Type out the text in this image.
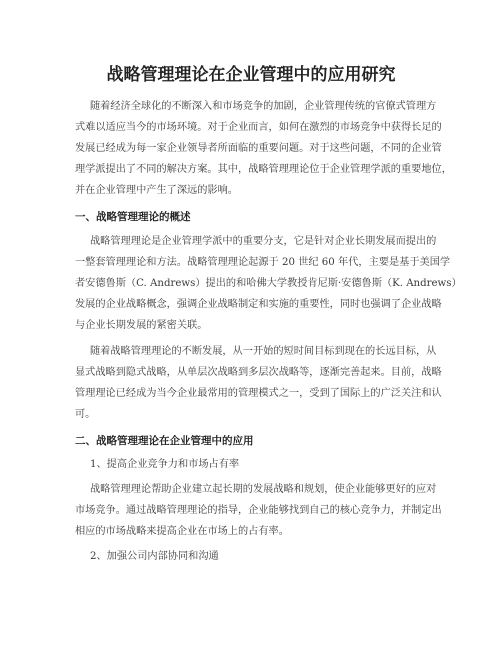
战略管理理论在企业管理中的应用研究
随着经济全球化的不断深入和市场竞争的加剧，企业管理传统的官僚式管理方
式难以适应当今的市场环境。对于企业而言，如何在激烈的市场竞争中获得长足的
发展已经成为每一家企业领导者所面临的重要问题。对于这些问题，不同的企业管
理学派提出了不同的解决方案。其中，战略管理理论位于企业管理学派的重要地位，
并在企业管理中产生了深远的影响。
一、战略管理理论的概述
战略管理理论是企业管理学派中的重要分支，它是针对企业长期发展而提出的
一整套管理理论和方法。战略管理理论起源于 20 世纪 60 年代，主要是基于美国学
者安德鲁斯（C. Andrews）提出的和哈佛大学教授肯尼斯·安德鲁斯（K. Andrews）
发展的企业战略概念，强调企业战略制定和实施的重要性，同时也强调了企业战略
与企业长期发展的紧密关联。
随着战略管理理论的不断发展，从一开始的短时间目标到现在的长远目标，从
显式战略到隐式战略，从单层次战略到多层次战略等，逐渐完善起来。目前，战略
管理理论已经成为当今企业最常用的管理模式之一，受到了国际上的广泛关注和认
可。
二、战略管理理论在企业管理中的应用
1、提高企业竞争力和市场占有率
战略管理理论帮助企业建立起长期的发展战略和规划，使企业能够更好的应对
市场竞争。通过战略管理理论的指导，企业能够找到自己的核心竞争力，并制定出
相应的市场战略来提高企业在市场上的占有率。
2、加强公司内部协同和沟通
